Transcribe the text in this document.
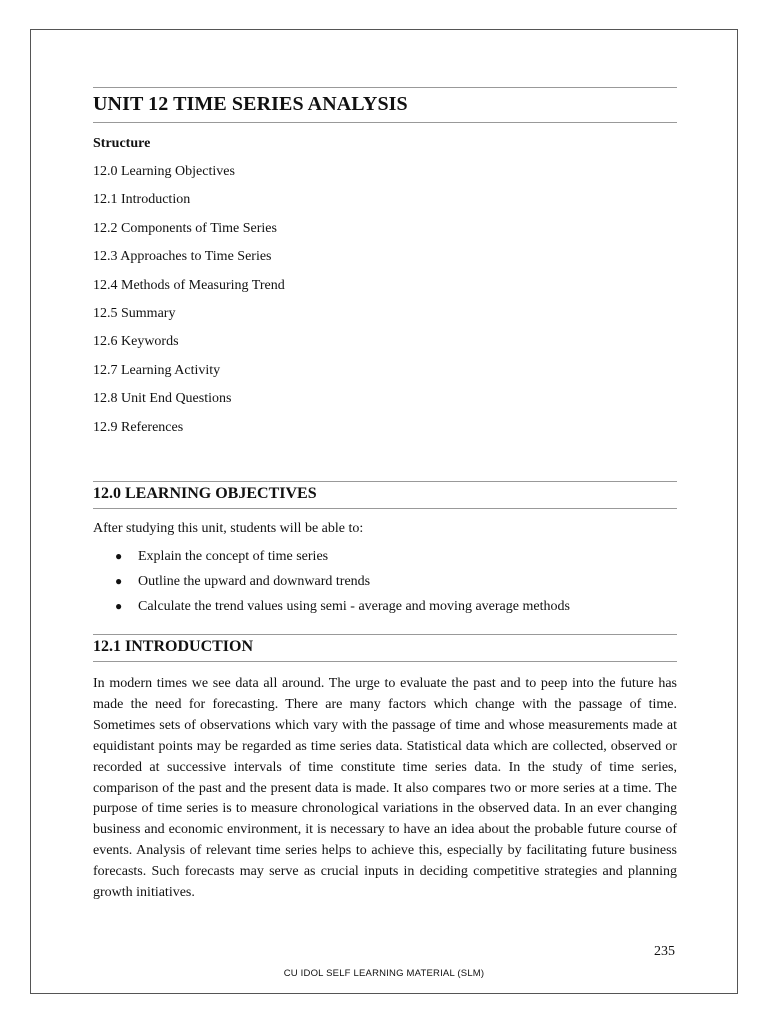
UNIT 12 TIME SERIES ANALYSIS
Structure
12.0 Learning Objectives
12.1 Introduction
12.2 Components of Time Series
12.3 Approaches to Time Series
12.4 Methods of Measuring Trend
12.5 Summary
12.6 Keywords
12.7 Learning Activity
12.8 Unit End Questions
12.9 References
12.0 LEARNING OBJECTIVES
After studying this unit, students will be able to:
● Explain the concept of time series
● Outline the upward and downward trends
● Calculate the trend values using semi - average and moving average methods
12.1 INTRODUCTION

In modern times we see data all around. The urge to evaluate the past and to peep into the future has made the need for forecasting. There are many factors which change with the passage of time. Sometimes sets of observations which vary with the passage of time and whose measurements made at equidistant points may be regarded as time series data. Statistical data which are collected, observed or recorded at successive intervals of time constitute time series data. In the study of time series, comparison of the past and the present data is made. It also compares two or more series at a time. The purpose of time series is to measure chronological variations in the observed data. In an ever changing business and economic environment, it is necessary to have an idea about the probable future course of events. Analysis of relevant time series helps to achieve this, especially by facilitating future business forecasts. Such forecasts may serve as crucial inputs in deciding competitive strategies and planning growth initiatives.

235
CU IDOL SELF LEARNING MATERIAL (SLM)
